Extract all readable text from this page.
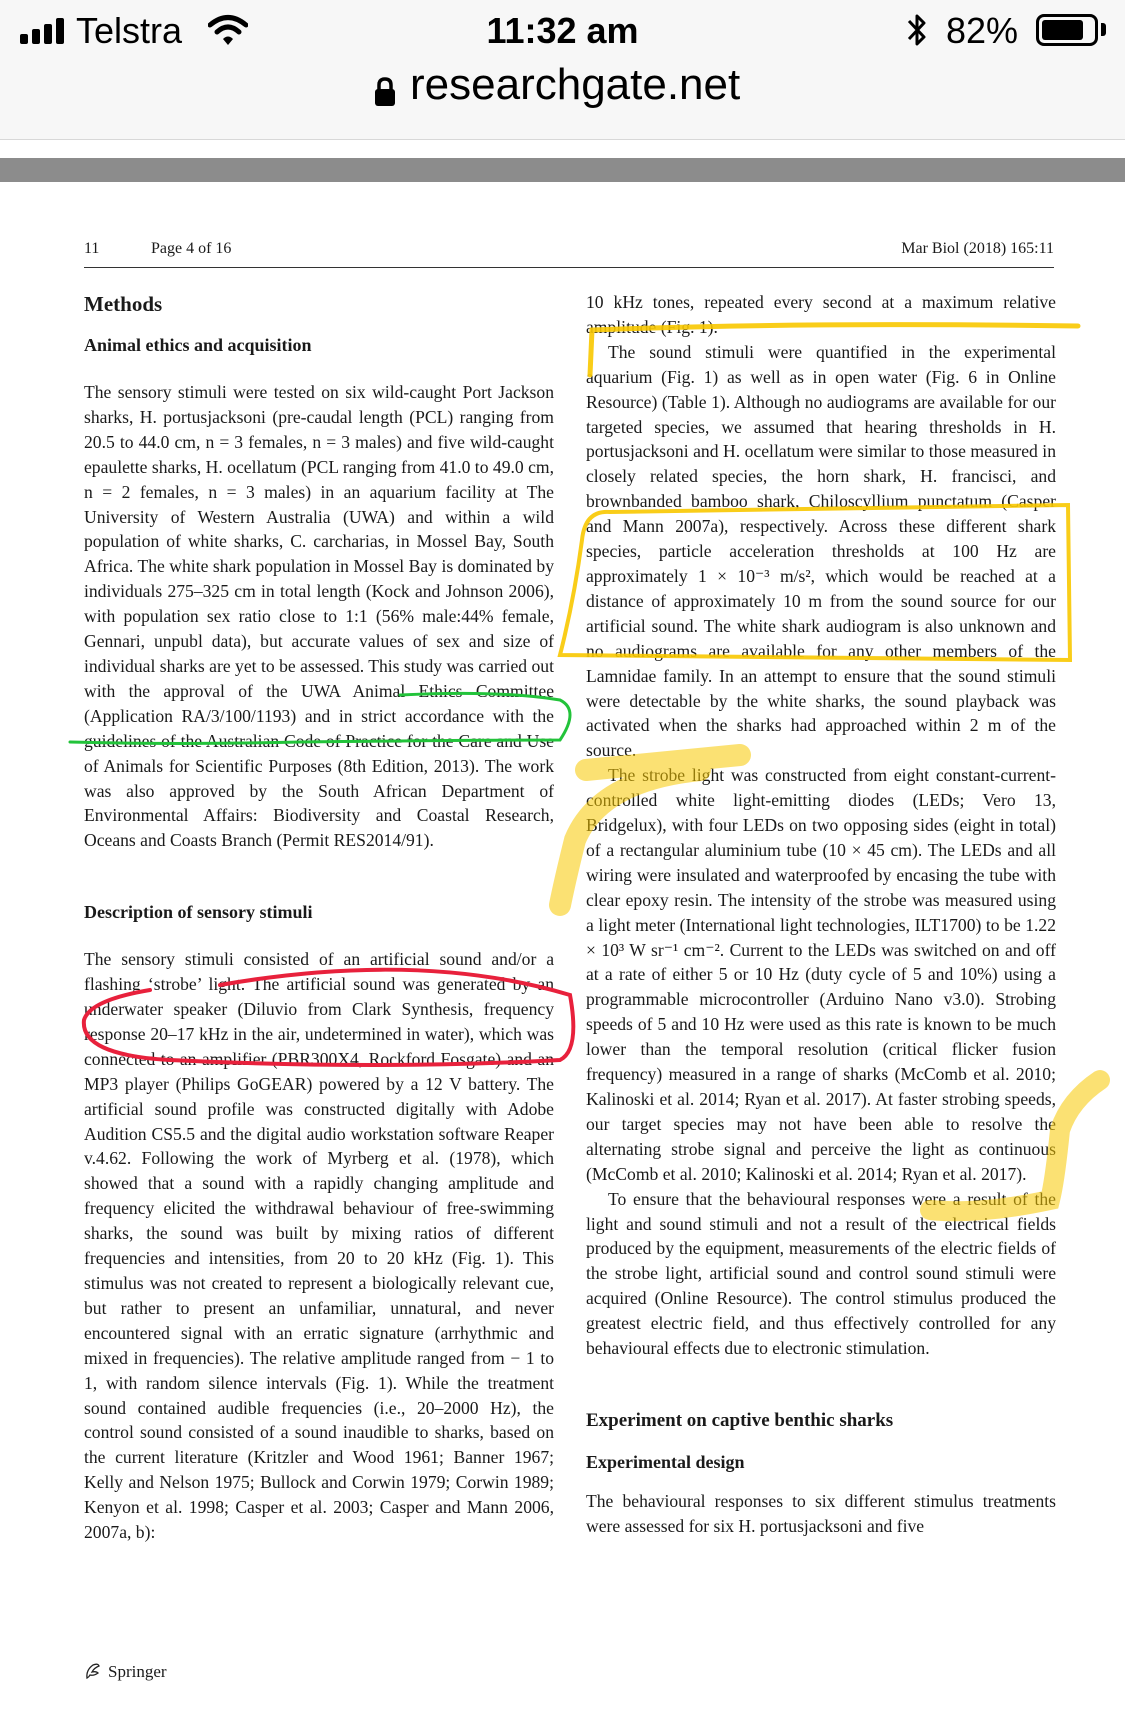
Telstra	11:32 am	82%
researchgate.net
11	Page 4 of 16	Mar Biol (2018) 165:11
Methods
Animal ethics and acquisition

The sensory stimuli were tested on six wild-caught Port Jackson sharks, H. portusjacksoni (pre-caudal length (PCL) ranging from 20.5 to 44.0 cm, n = 3 females, n = 3 males) and five wild-caught epaulette sharks, H. ocellatum (PCL ranging from 41.0 to 49.0 cm, n = 2 females, n = 3 males) in an aquarium facility at The University of Western Australia (UWA) and within a wild population of white sharks, C. carcharias, in Mossel Bay, South Africa. The white shark population in Mossel Bay is dominated by individuals 275–325 cm in total length (Kock and Johnson 2006), with population sex ratio close to 1:1 (56% male:44% female, Gennari, unpubl data), but accurate values of sex and size of individual sharks are yet to be assessed. This study was carried out with the approval of the UWA Animal Ethics Committee (Application RA/3/100/1193) and in strict accordance with the guidelines of the Australian Code of Practice for the Care and Use of Animals for Scientific Purposes (8th Edition, 2013). The work was also approved by the South African Department of Environmental Affairs: Biodiversity and Coastal Research, Oceans and Coasts Branch (Permit RES2014/91).

Description of sensory stimuli

The sensory stimuli consisted of an artificial sound and/or a flashing ‘strobe’ light. The artificial sound was generated by an underwater speaker (Diluvio from Clark Synthesis, frequency response 20–17 kHz in the air, undetermined in water), which was connected to an amplifier (PBR300X4, Rockford Fosgate) and an MP3 player (Philips GoGEAR) powered by a 12 V battery. The artificial sound profile was constructed digitally with Adobe Audition CS5.5 and the digital audio workstation software Reaper v.4.62. Following the work of Myrberg et al. (1978), which showed that a sound with a rapidly changing amplitude and frequency elicited the withdrawal behaviour of free-swimming sharks, the sound was built by mixing ratios of different frequencies and intensities, from 20 to 20 kHz (Fig. 1). This stimulus was not created to represent a biologically relevant cue, but rather to present an unfamiliar, unnatural, and never encountered signal with an erratic signature (arrhythmic and mixed in frequencies). The relative amplitude ranged from − 1 to 1, with random silence intervals (Fig. 1). While the treatment sound contained audible frequencies (i.e., 20–2000 Hz), the control sound consisted of a sound inaudible to sharks, based on the current literature (Kritzler and Wood 1961; Banner 1967; Kelly and Nelson 1975; Bullock and Corwin 1979; Corwin 1989; Kenyon et al. 1998; Casper et al. 2003; Casper and Mann 2006, 2007a, b):

10 kHz tones, repeated every second at a maximum relative amplitude (Fig. 1).

The sound stimuli were quantified in the experimental aquarium (Fig. 1) as well as in open water (Fig. 6 in Online Resource) (Table 1). Although no audiograms are available for our targeted species, we assumed that hearing thresholds in H. portusjacksoni and H. ocellatum were similar to those measured in closely related species, the horn shark, H. francisci, and brownbanded bamboo shark, Chiloscyllium punctatum (Casper and Mann 2007a), respectively. Across these different shark species, particle acceleration thresholds at 100 Hz are approximately 1 × 10⁻³ m/s², which would be reached at a distance of approximately 10 m from the sound source for our artificial sound. The white shark audiogram is also unknown and no audiograms are available for any other members of the Lamnidae family. In an attempt to ensure that the sound stimuli were detectable by the white sharks, the sound playback was activated when the sharks had approached within 2 m of the source.

The strobe light was constructed from eight constant-current-controlled white light-emitting diodes (LEDs; Vero 13, Bridgelux), with four LEDs on two opposing sides (eight in total) of a rectangular aluminium tube (10 × 45 cm). The LEDs and all wiring were insulated and waterproofed by encasing the tube with clear epoxy resin. The intensity of the strobe was measured using a light meter (International light technologies, ILT1700) to be 1.22 × 10³ W sr⁻¹ cm⁻². Current to the LEDs was switched on and off at a rate of either 5 or 10 Hz (duty cycle of 5 and 10%) using a programmable microcontroller (Arduino Nano v3.0). Strobing speeds of 5 and 10 Hz were used as this rate is known to be much lower than the temporal resolution (critical flicker fusion frequency) measured in a range of sharks (McComb et al. 2010; Kalinoski et al. 2014; Ryan et al. 2017). At faster strobing speeds, our target species may not have been able to resolve the alternating strobe signal and perceive the light as continuous (McComb et al. 2010; Kalinoski et al. 2014; Ryan et al. 2017).

To ensure that the behavioural responses were a result of the light and sound stimuli and not a result of the electrical fields produced by the equipment, measurements of the electric fields of the strobe light, artificial sound and control sound stimuli were acquired (Online Resource). The control stimulus produced the greatest electric field, and thus effectively controlled for any behavioural effects due to electronic stimulation.

Experiment on captive benthic sharks
Experimental design

The behavioural responses to six different stimulus treatments were assessed for six H. portusjacksoni and five

Springer
